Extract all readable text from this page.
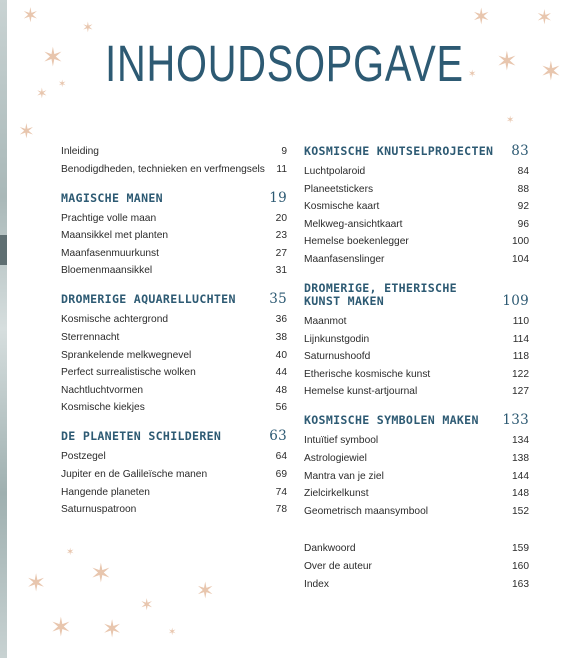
✶	✶
✶
✶
✶
✶
✶ ✶
✶ ✶
✶
✶
✶ ✶
✶
✶
✶ ✶	✶
✶
INHOUDSOPGAVE
Inleiding	9
Benodigdheden, technieken en verfmengsels	11
MAGISCHE MANEN	19
Prachtige volle maan	20
Maansikkel met planten	23
Maanfasenmuurkunst	27
Bloemenmaansikkel	31
DROMERIGE AQUARELLUCHTEN 35
Kosmische achtergrond	36
Sterrennacht	38
Sprankelende melkwegnevel	40
Perfect surrealistische wolken	44
Nachtluchtvormen	48
Kosmische kiekjes	56
DE PLANETEN SCHILDEREN	63
Postzegel	64
Jupiter en de Galileïsche manen	69
Hangende planeten	74
Saturnuspatroon	78
KOSMISCHE KNUTSELPROJECTEN 83
Luchtpolaroid	84
Planeetstickers	88
Kosmische kaart	92
Melkweg-ansichtkaart	96
Hemelse boekenlegger	100
Maanfasenslinger	104
DROMERIGE, ETHERISCHE KUNST MAKEN	109
Maanmot	110
Lijnkunstgodin	114
Saturnushoofd	118
Etherische kosmische kunst	122
Hemelse kunst-artjournal	127
KOSMISCHE SYMBOLEN MAKEN 133
Intuïtief symbool	134
Astrologiewiel	138
Mantra van je ziel	144
Zielcirkelkunst	148
Geometrisch maansymbool	152
Dankwoord	159
Over de auteur	160
Index	163
